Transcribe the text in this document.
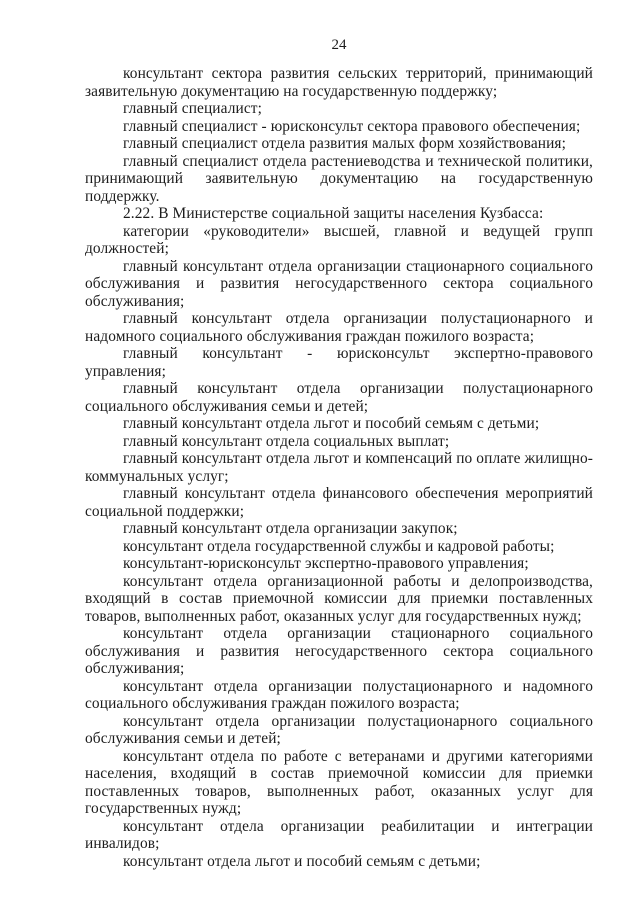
24

консультант сектора развития сельских территорий, принимающий заявительную документацию на государственную поддержку;

главный специалист;

главный специалист - юрисконсульт сектора правового обеспечения;

главный специалист отдела развития малых форм хозяйствования;

главный специалист отдела растениеводства и технической политики, принимающий заявительную документацию на государственную поддержку.

2.22. В Министерстве социальной защиты населения Кузбасса:

категории «руководители» высшей, главной и ведущей групп должностей;

главный консультант отдела организации стационарного социального обслуживания и развития негосударственного сектора социального обслуживания;

главный консультант отдела организации полустационарного и надомного социального обслуживания граждан пожилого возраста;

главный консультант - юрисконсульт экспертно-правового управления;

главный консультант отдела организации полустационарного социального обслуживания семьи и детей;

главный консультант отдела льгот и пособий семьям с детьми;

главный консультант отдела социальных выплат;

главный консультант отдела льгот и компенсаций по оплате жилищно-коммунальных услуг;

главный консультант отдела финансового обеспечения мероприятий социальной поддержки;

главный консультант отдела организации закупок;

консультант отдела государственной службы и кадровой работы;

консультант-юрисконсульт экспертно-правового управления;

консультант отдела организационной работы и делопроизводства, входящий в состав приемочной комиссии для приемки поставленных товаров, выполненных работ, оказанных услуг для государственных нужд;

консультант отдела организации стационарного социального обслуживания и развития негосударственного сектора социального обслуживания;

консультант отдела организации полустационарного и надомного социального обслуживания граждан пожилого возраста;

консультант отдела организации полустационарного социального обслуживания семьи и детей;

консультант отдела по работе с ветеранами и другими категориями населения, входящий в состав приемочной комиссии для приемки поставленных товаров, выполненных работ, оказанных услуг для государственных нужд;

консультант отдела организации реабилитации и интеграции инвалидов;

консультант отдела льгот и пособий семьям с детьми;
